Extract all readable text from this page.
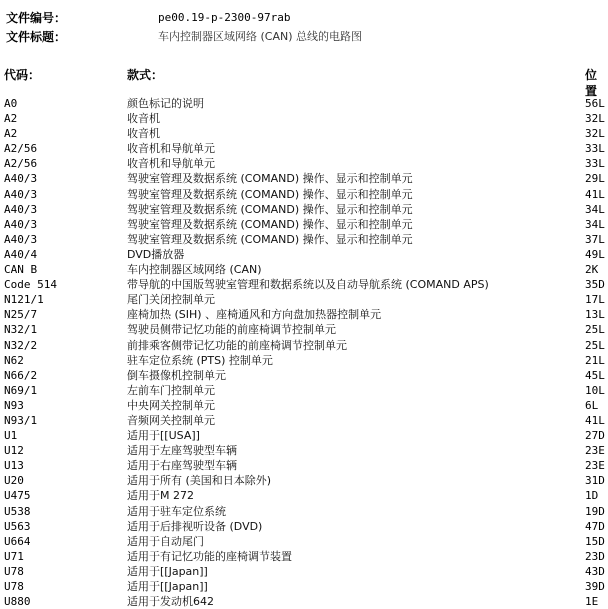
文件编号：	pe00.19-p-2300-97rab
文件标题：	车内控制器区域网络 (CAN) 总线的电路图
代码：	款式：	位置
A0	颜色标记的说明	56L
A2	收音机	32L
A2	收音机	32L
A2/56	收音机和导航单元	33L
A2/56	收音机和导航单元	33L
A40/3	驾驶室管理及数据系统 (COMAND) 操作、显示和控制单元	29L
A40/3	驾驶室管理及数据系统 (COMAND) 操作、显示和控制单元	41L
A40/3	驾驶室管理及数据系统 (COMAND) 操作、显示和控制单元	34L
A40/3	驾驶室管理及数据系统 (COMAND) 操作、显示和控制单元	34L
A40/3	驾驶室管理及数据系统 (COMAND) 操作、显示和控制单元	37L
A40/4	DVD播放器	49L
CAN B	车内控制器区域网络 (CAN)	2K
Code 514	带导航的中国版驾驶室管理和数据系统以及自动导航系统 (COMAND APS)	35D
N121/1	尾门关闭控制单元	17L
N25/7	座椅加热 (SIH) 、座椅通风和方向盘加热器控制单元	13L
N32/1	驾驶员侧带记忆功能的前座椅调节控制单元	25L
N32/2	前排乘客侧带记忆功能的前座椅调节控制单元	25L
N62	驻车定位系统 (PTS) 控制单元	21L
N66/2	倒车摄像机控制单元	45L
N69/1	左前车门控制单元	10L
N93	中央网关控制单元	6L
N93/1	音频网关控制单元	41L
U1	适用于[[USA]]	27D
U12	适用于左座驾驶型车辆	23E
U13	适用于右座驾驶型车辆	23E
U20	适用于所有 (美国和日本除外)	31D
U475	适用于M 272	1D
U538	适用于驻车定位系统	19D
U563	适用于后排视听设备 (DVD)	47D
U664	适用于自动尾门	15D
U71	适用于有记忆功能的座椅调节装置	23D
U78	适用于[[Japan]]	43D
U78	适用于[[Japan]]	39D
U880	适用于发动机642	1E
